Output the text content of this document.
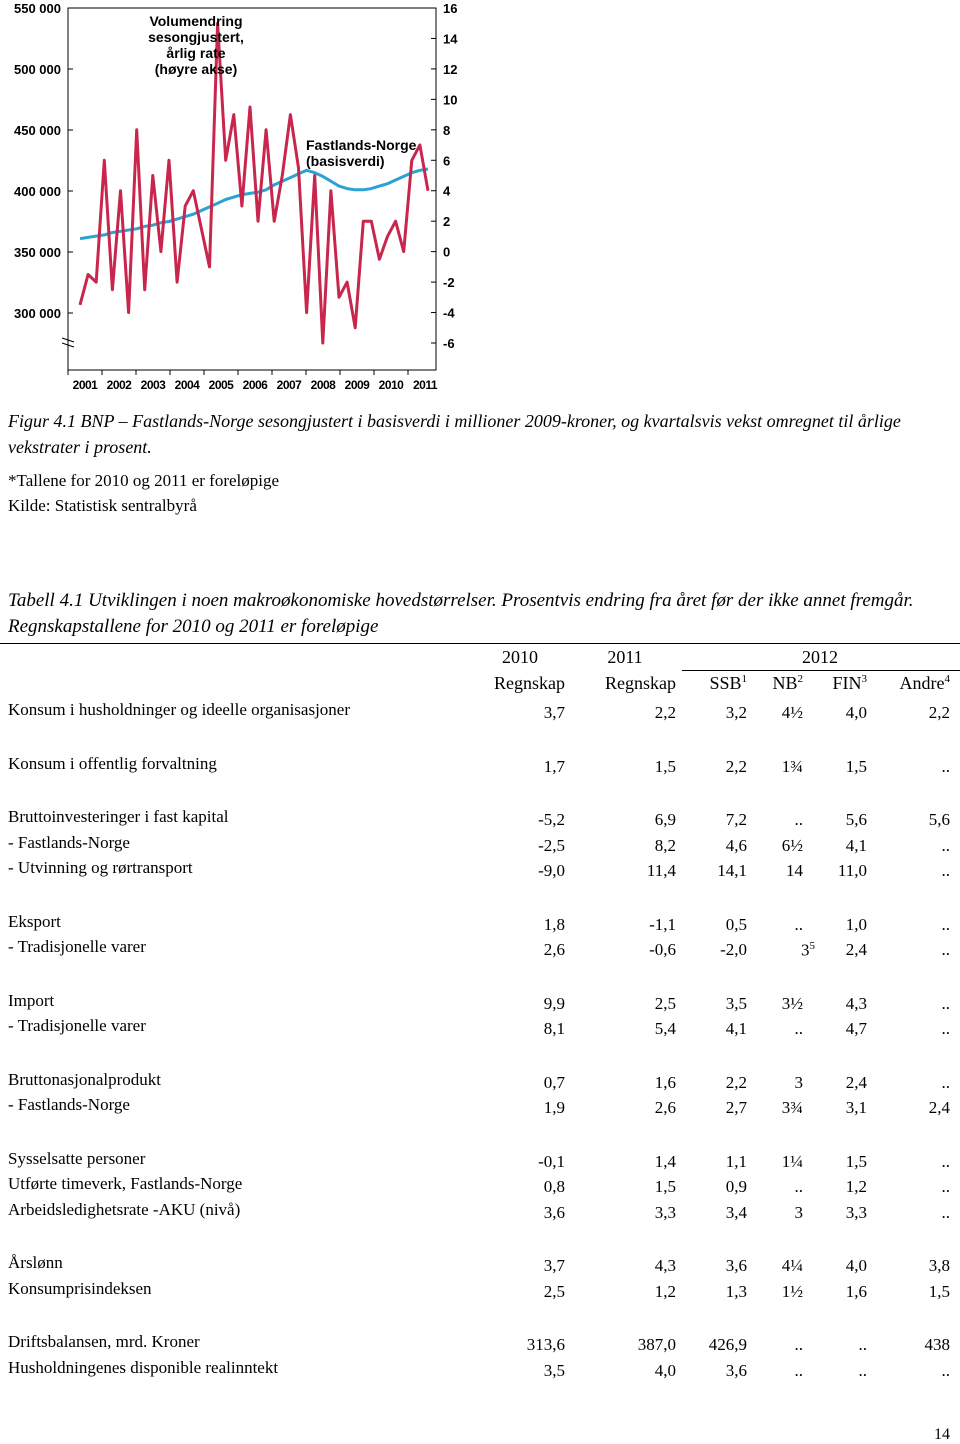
550 000
500 000
450 000
400 000
350 000
300 000
16
14
12
10
8
6
4
2
0
-2
-4
-6
2001 2002 2003 2004 2005 2006 2007 2008 2009 2010 2011
Volumendring
sesongjustert,
årlig rate
(høyre akse)
Fastlands-Norge
(basisverdi)
Figur 4.1 BNP – Fastlands-Norge sesongjustert i basisverdi i millioner 2009-kroner, og kvartalsvis vekst omregnet til årlige vekstrater i prosent.
*Tallene for 2010 og 2011 er foreløpige
Kilde: Statistisk sentralbyrå
Tabell 4.1 Utviklingen i noen makroøkonomiske hovedstørrelser. Prosentvis endring fra året før der ikke annet fremgår. Regnskapstallene for 2010 og 2011 er foreløpige
2010	2011	2012
Regnskap	Regnskap	SSB$^1$	$NB^2$	FIN$^3$	Andre$^4$
Konsum i husholdninger og ideelle organisasjoner	3,7	2,2	3,2	4½	4,0	2,2
Konsum i offentlig forvaltning	1,7	1,5	2,2	1¾	1,5	..
Bruttoinvesteringer i fast kapital	-5,2	6,9	7,2	..	5,6	5,6
- Fastlands-Norge	-2,5	8,2	4,6	6½	4,1	..
- Utvinning og rørtransport	-9,0	11,4	14,1	14	11,0	..
Eksport	1,8	-1,1	0,5	..	1,0	..
- Tradisjonelle varer	2,6	-0,6	-2,0	$3^5$	2,4	..
Import	9,9	2,5	3,5	3½	4,3	..
- Tradisjonelle varer	8,1	5,4	4,1	..	4,7	..
Bruttonasjonalprodukt	0,7	1,6	2,2	3	2,4	..
- Fastlands-Norge	1,9	2,6	2,7	3¾	3,1	2,4
Sysselsatte personer	-0,1	1,4	1,1	1¼	1,5	..
Utførte timeverk, Fastlands-Norge	0,8	1,5	0,9	..	1,2	..
Arbeidsledighetsrate -AKU (nivå)	3,6	3,3	3,4	3	3,3	..
Årslønn	3,7	4,3	3,6	4¼	4,0	3,8
Konsumprisindeksen	2,5	1,2	1,3	1½	1,6	1,5
Driftsbalansen, mrd. Kroner	313,6	387,0	426,9	..	..	438
Husholdningenes disponible realinntekt	3,5	4,0	3,6	..	..	..
14
